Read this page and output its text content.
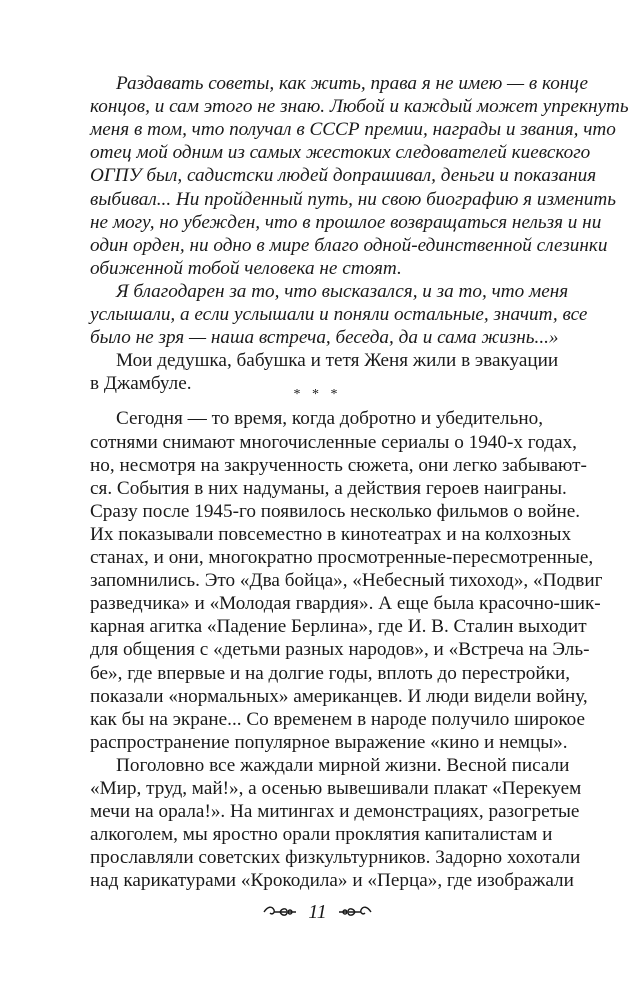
Раздавать советы, как жить, права я не имею — в конце
концов, и сам этого не знаю. Любой и каждый может упрекнуть
меня в том, что получал в СССР премии, награды и звания, что
отец мой одним из самых жестоких следователей киевского
ОГПУ был, садистски людей допрашивал, деньги и показания
выбивал... Ни пройденный путь, ни свою биографию я изменить
не могу, но убежден, что в прошлое возвращаться нельзя и ни
один орден, ни одно в мире благо одной-единственной слезинки
обиженной тобой человека не стоят.
Я благодарен за то, что высказался, и за то, что меня
услышали, а если услышали и поняли остальные, значит, все
было не зря — наша встреча, беседа, да и сама жизнь...»
Мои дедушка, бабушка и тетя Женя жили в эвакуации
в Джамбуле.
* * *
Сегодня — то время, когда добротно и убедительно,
сотнями снимают многочисленные сериалы о 1940-х годах,
но, несмотря на закрученность сюжета, они легко забывают-
ся. События в них надуманы, а действия героев наиграны.
Сразу после 1945-го появилось несколько фильмов о войне.
Их показывали повсеместно в кинотеатрах и на колхозных
станах, и они, многократно просмотренные-пересмотренные,
запомнились. Это «Два бойца», «Небесный тихоход», «Подвиг
разведчика» и «Молодая гвардия». А еще была красочно-шик-
карная агитка «Падение Берлина», где И. В. Сталин выходит
для общения с «детьми разных народов», и «Встреча на Эль-
бе», где впервые и на долгие годы, вплоть до перестройки,
показали «нормальных» американцев. И люди видели войну,
как бы на экране... Со временем в народе получило широкое
распространение популярное выражение «кино и немцы».
Поголовно все жаждали мирной жизни. Весной писали
«Мир, труд, май!», а осенью вывешивали плакат «Перекуем
мечи на орала!». На митингах и демонстрациях, разогретые
алкоголем, мы яростно орали проклятия капиталистам и
прославляли советских физкультурников. Задорно хохотали
над карикатурами «Крокодила» и «Перца», где изображали
11
